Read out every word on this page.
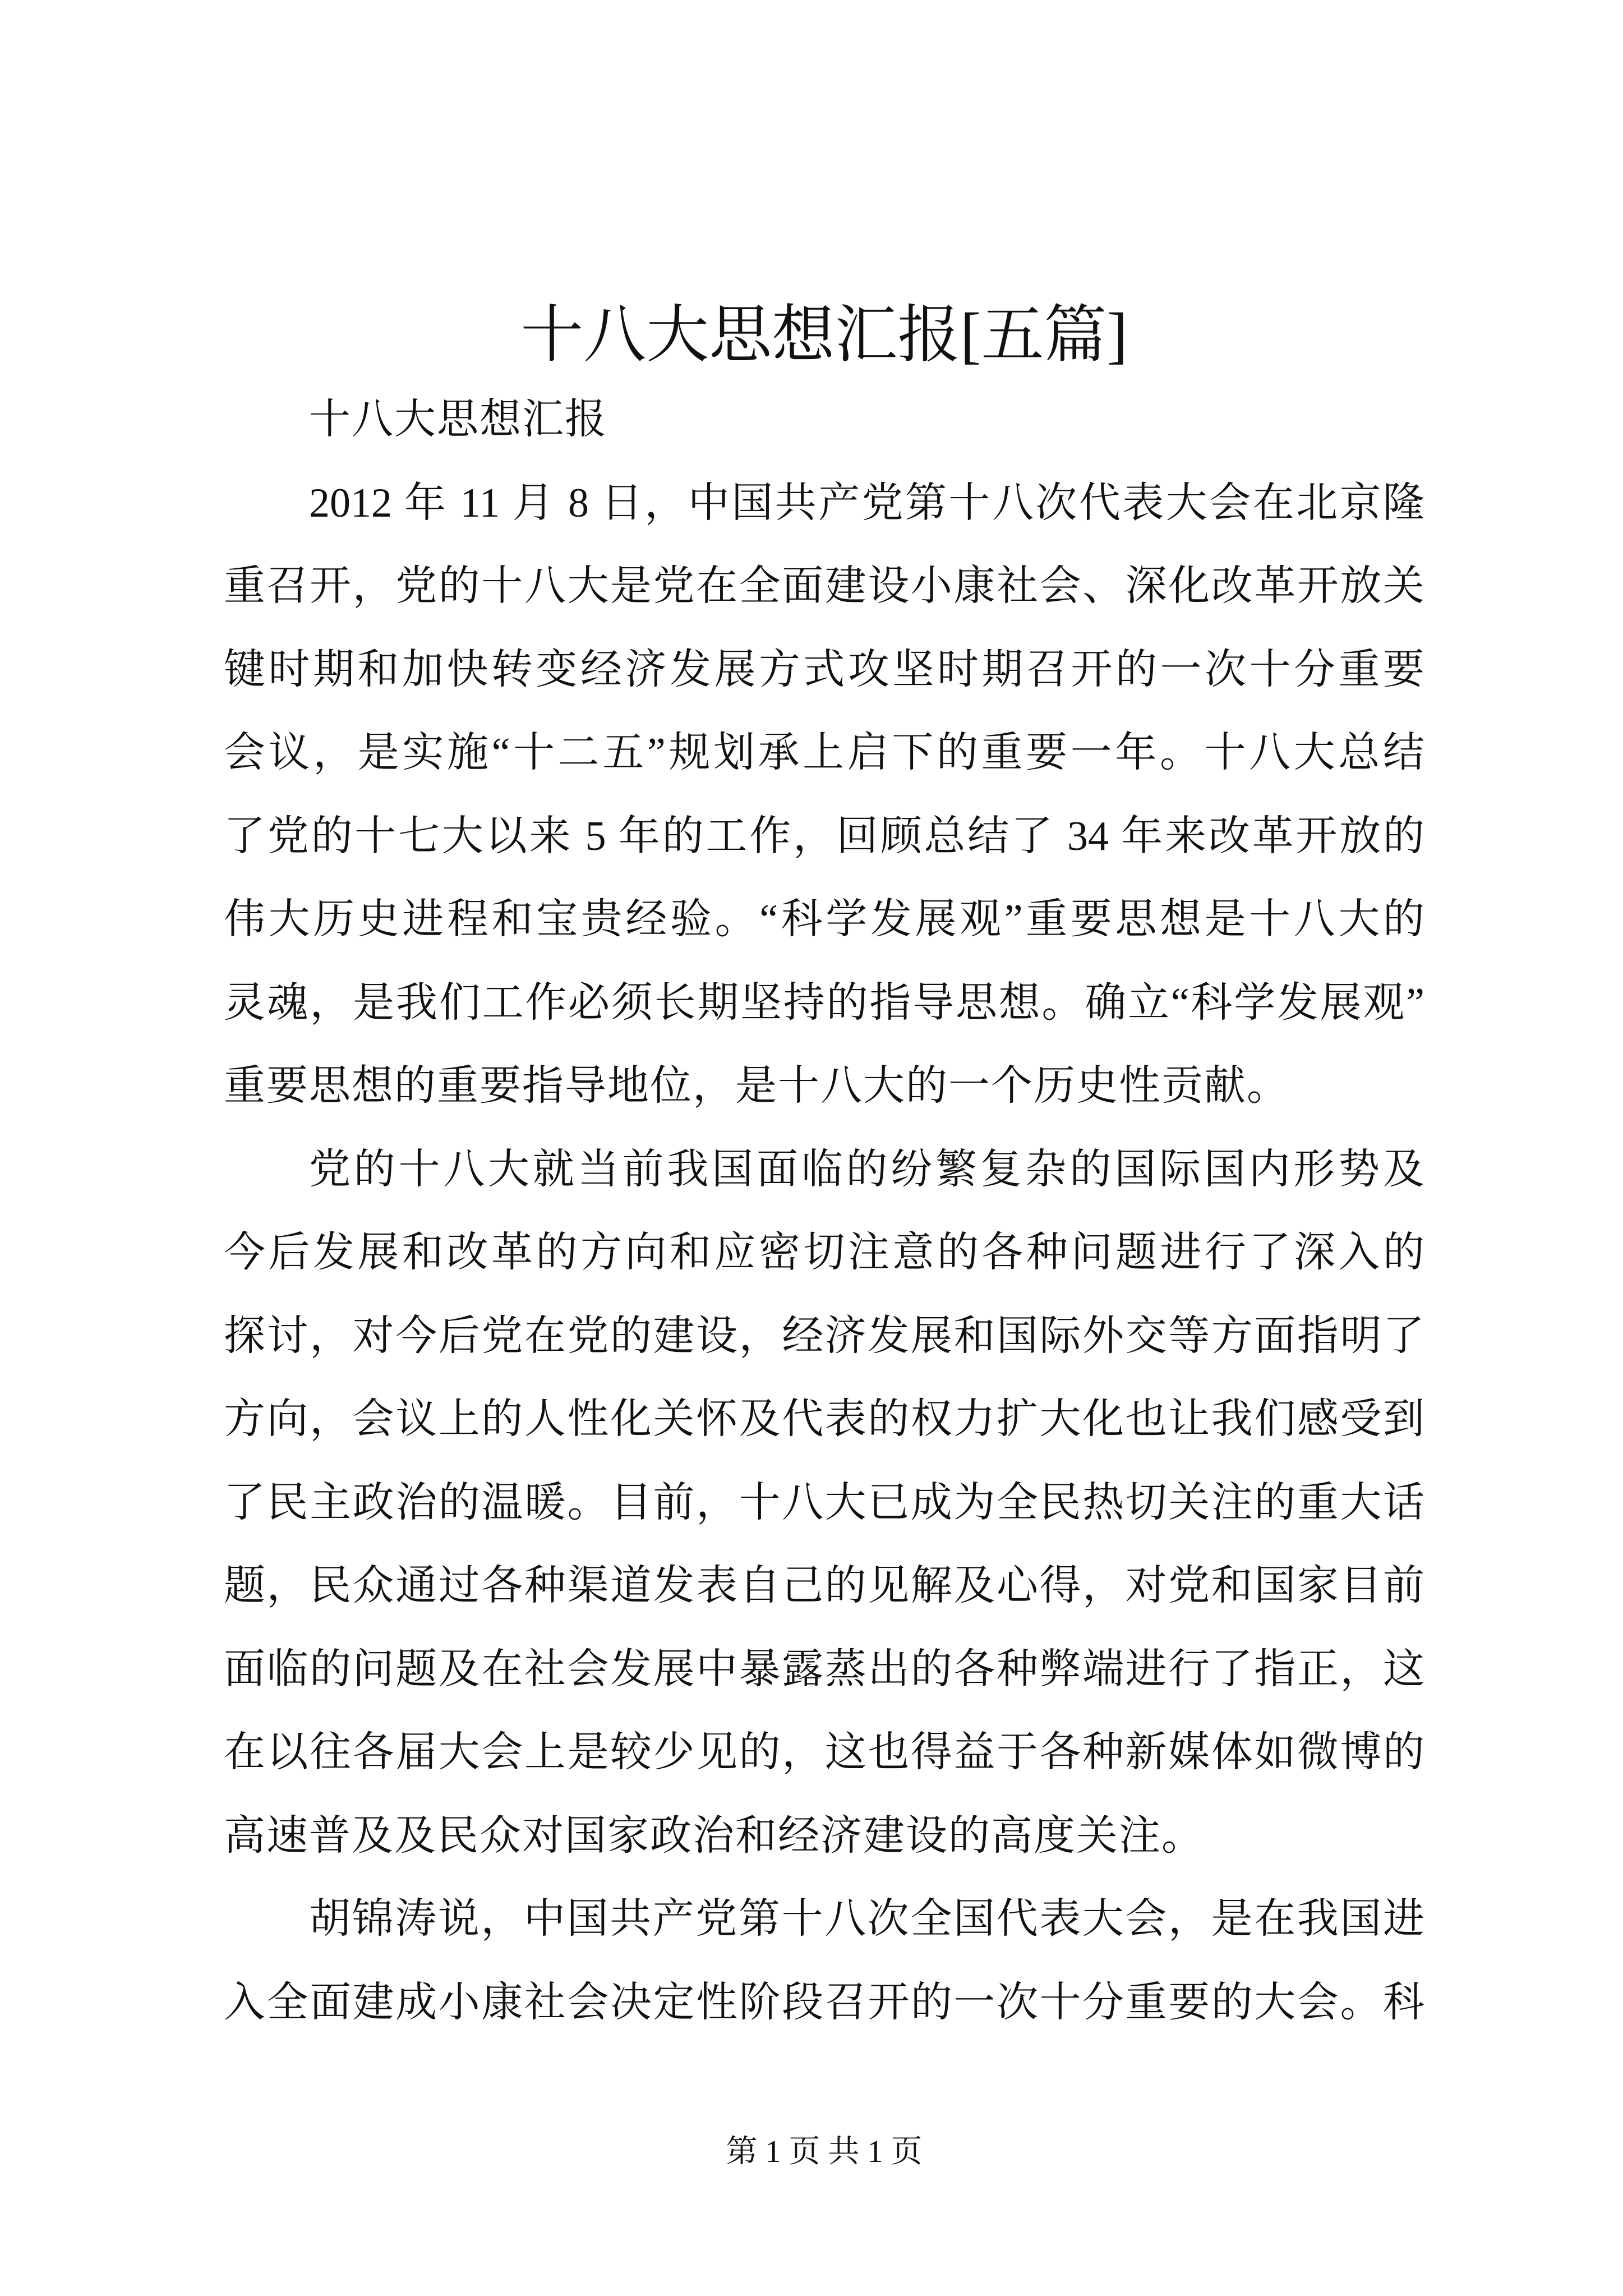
十八大思想汇报[五篇]

十八大思想汇报

2012 年 11 月 8 日，中国共产党第十八次代表大会在北京隆

重召开，党的十八大是党在全面建设小康社会、深化改革开放关

键时期和加快转变经济发展方式攻坚时期召开的一次十分重要

会议，是实施“十二五”规划承上启下的重要一年。十八大总结

了党的十七大以来 5 年的工作，回顾总结了 34 年来改革开放的

伟大历史进程和宝贵经验。“科学发展观”重要思想是十八大的

灵魂，是我们工作必须长期坚持的指导思想。确立“科学发展观”

重要思想的重要指导地位，是十八大的一个历史性贡献。

党的十八大就当前我国面临的纷繁复杂的国际国内形势及

今后发展和改革的方向和应密切注意的各种问题进行了深入的

探讨，对今后党在党的建设，经济发展和国际外交等方面指明了

方向，会议上的人性化关怀及代表的权力扩大化也让我们感受到

了民主政治的温暖。目前，十八大已成为全民热切关注的重大话

题，民众通过各种渠道发表自己的见解及心得，对党和国家目前

面临的问题及在社会发展中暴露蒸出的各种弊端进行了指正，这

在以往各届大会上是较少见的，这也得益于各种新媒体如微博的

高速普及及民众对国家政治和经济建设的高度关注。

胡锦涛说，中国共产党第十八次全国代表大会，是在我国进

入全面建成小康社会决定性阶段召开的一次十分重要的大会。科

第 1 页 共 1 页
